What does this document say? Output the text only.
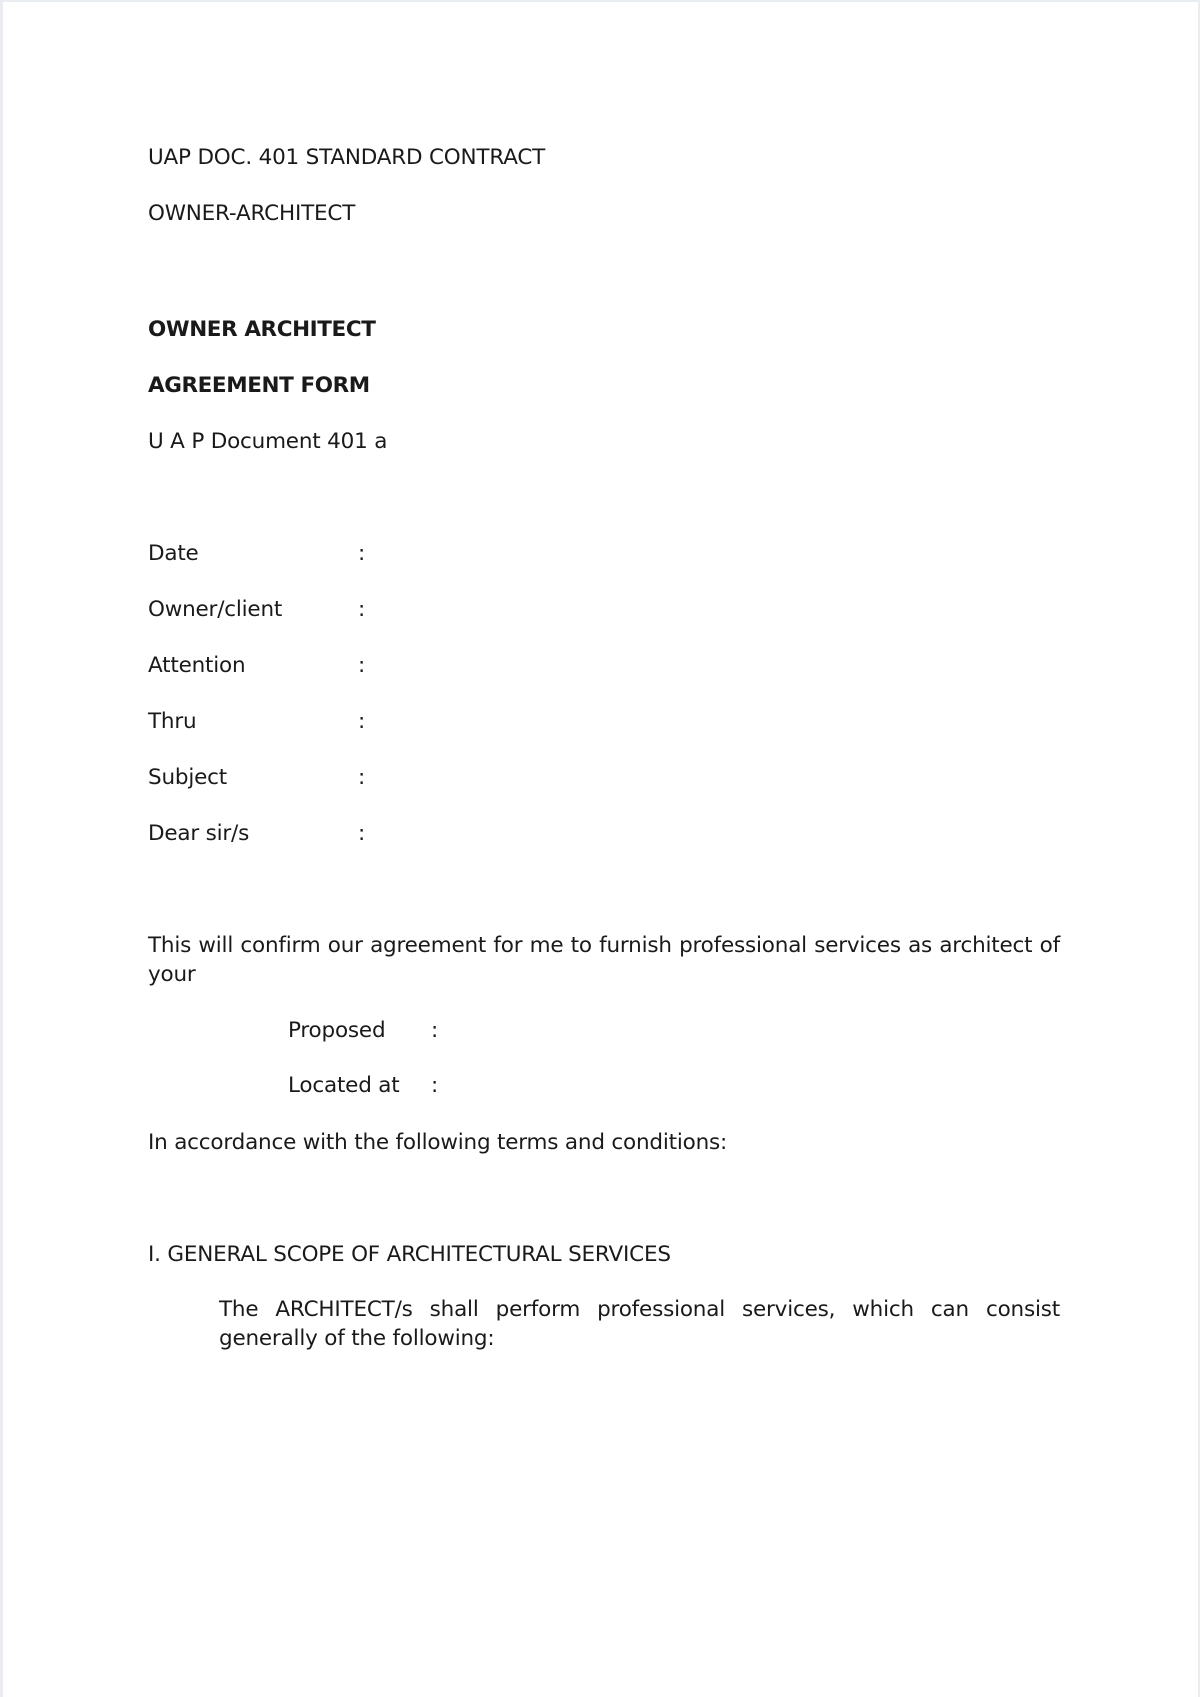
UAP DOC. 401 STANDARD CONTRACT
OWNER-ARCHITECT
OWNER ARCHITECT
AGREEMENT FORM
U A P Document 401 a
Date	:
Owner/client	:
Attention	:
Thru	:
Subject	:
Dear sir/s	:
This will confirm our agreement for me to furnish professional services as architect of your
Proposed :
Located at :
In accordance with the following terms and conditions:
I. GENERAL SCOPE OF ARCHITECTURAL SERVICES
The ARCHITECT/s shall perform professional services, which can consist generally of the following:
